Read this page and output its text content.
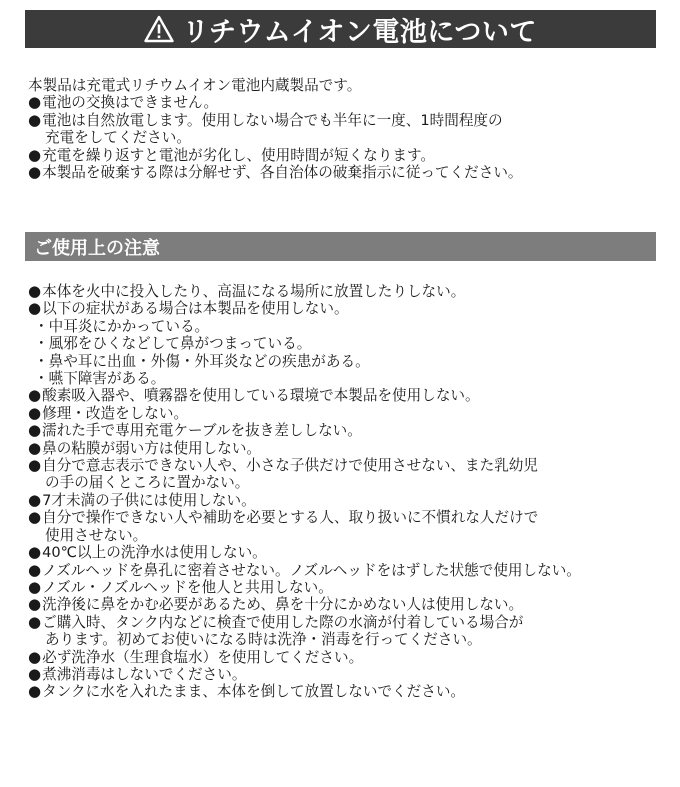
リチウムイオン電池について
本製品は充電式リチウムイオン電池内蔵製品です。
● 電池の交換はできません。
● 電池は自然放電します。使用しない場合でも半年に一度、1時間程度の
充電をしてください。
● 充電を繰り返すと電池が劣化し、使用時間が短くなります。
● 本製品を破棄する際は分解せず、各自治体の破棄指示に従ってください。
ご使用上の注意
● 本体を火中に投入したり、高温になる場所に放置したりしない。
● 以下の症状がある場合は本製品を使用しない。
・ 中耳炎にかかっている。
・ 風邪をひくなどして鼻がつまっている。
・ 鼻や耳に出血・外傷・外耳炎などの疾患がある。
・ 嚥下障害がある。
● 酸素吸入器や、噴霧器を使用している環境で本製品を使用しない。
● 修理・改造をしない。
● 濡れた手で専用充電ケーブルを抜き差ししない。
● 鼻の粘膜が弱い方は使用しない。
● 自分で意志表示できない人や、小さな子供だけで使用させない、また乳幼児
の手の届くところに置かない。
● 7才未満の子供には使用しない。
● 自分で操作できない人や補助を必要とする人、取り扱いに不慣れな人だけで
使用させない。
● 40℃以上の洗浄水は使用しない。
● ノズルヘッドを鼻孔に密着させない。ノズルヘッドをはずした状態で使用しない。
● ノズル・ノズルヘッドを他人と共用しない。
● 洗浄後に鼻をかむ必要があるため、鼻を十分にかめない人は使用しない。
● ご購入時、タンク内などに検査で使用した際の水滴が付着している場合が
あります。初めてお使いになる時は洗浄・消毒を行ってください。
● 必ず洗浄水（生理食塩水）を使用してください。
● 煮沸消毒はしないでください。
● タンクに水を入れたまま、本体を倒して放置しないでください。
